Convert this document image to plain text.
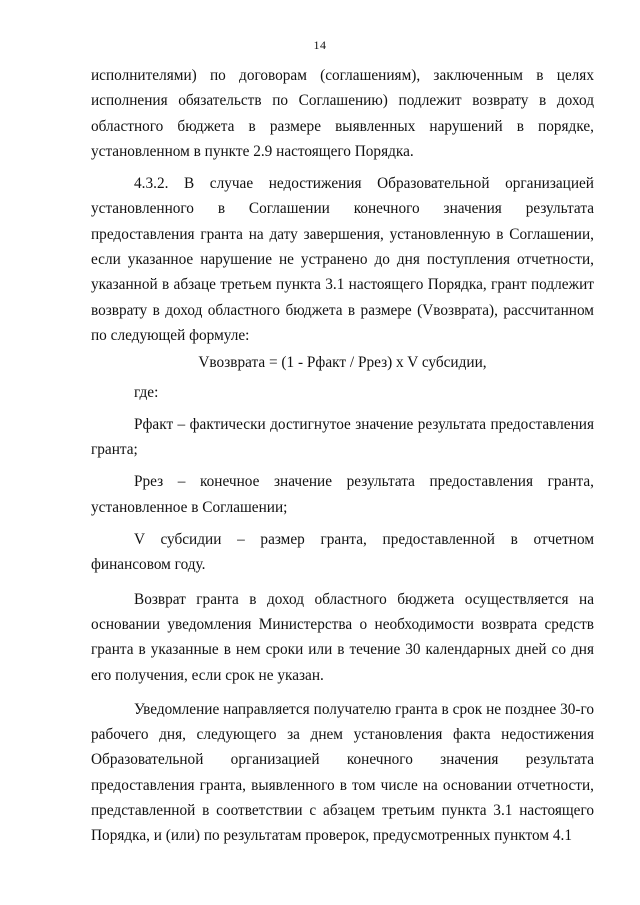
14

исполнителями) по договорам (соглашениям), заключенным в целях исполнения обязательств по Соглашению) подлежит возврату в доход областного бюджета в размере выявленных нарушений в порядке, установленном в пункте 2.9 настоящего Порядка.

4.3.2. В случае недостижения Образовательной организацией установленного в Соглашении конечного значения результата предоставления гранта на дату завершения, установленную в Соглашении, если указанное нарушение не устранено до дня поступления отчетности, указанной в абзаце третьем пункта 3.1 настоящего Порядка, грант подлежит возврату в доход областного бюджета в размере (Vвозврата), рассчитанном по следующей формуле:

Vвозврата = (1 - Рфакт / Ррез) x V субсидии,

где:

Рфакт – фактически достигнутое значение результата предоставления гранта;

Ррез – конечное значение результата предоставления гранта, установленное в Соглашении;

V субсидии – размер гранта, предоставленной в отчетном финансовом году.

Возврат гранта в доход областного бюджета осуществляется на основании уведомления Министерства о необходимости возврата средств гранта в указанные в нем сроки или в течение 30 календарных дней со дня его получения, если срок не указан.

Уведомление направляется получателю гранта в срок не позднее 30-го рабочего дня, следующего за днем установления факта недостижения Образовательной организацией конечного значения результата предоставления гранта, выявленного в том числе на основании отчетности, представленной в соответствии с абзацем третьим пункта 3.1 настоящего Порядка, и (или) по результатам проверок, предусмотренных пунктом 4.1
